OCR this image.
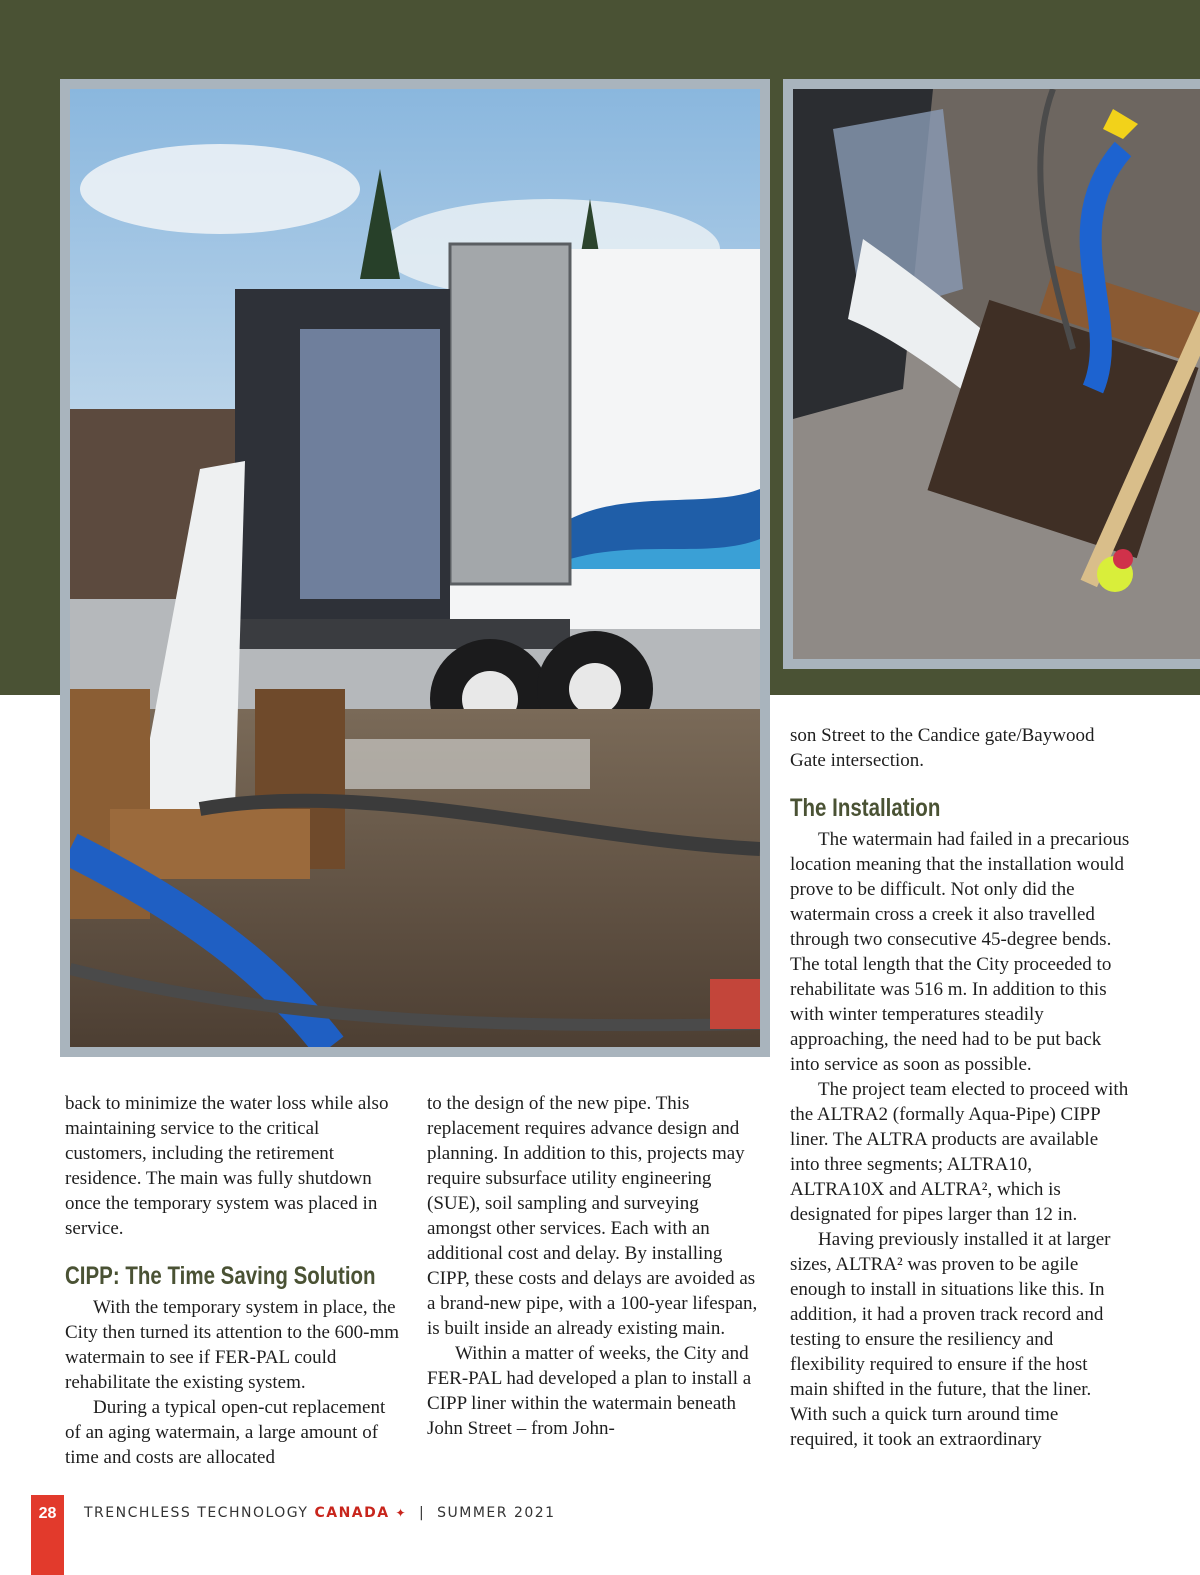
back to minimize the water loss while also maintaining service to the critical customers, including the retirement residence. The main was fully shutdown once the temporary system was placed in service.

CIPP: The Time Saving Solution

With the temporary system in place, the City then turned its attention to the 600-mm watermain to see if FER-PAL could rehabilitate the existing system.

During a typical open-cut replacement of an aging watermain, a large amount of time and costs are allocated

to the design of the new pipe. This replacement requires advance design and planning. In addition to this, projects may require subsurface utility engineering (SUE), soil sampling and surveying amongst other services. Each with an additional cost and delay. By installing CIPP, these costs and delays are avoided as a brand-new pipe, with a 100-year lifespan, is built inside an already existing main.

Within a matter of weeks, the City and FER-PAL had developed a plan to install a CIPP liner within the watermain beneath John Street – from John-

son Street to the Candice gate/Baywood Gate intersection.

The Installation

The watermain had failed in a precarious location meaning that the installation would prove to be difficult. Not only did the watermain cross a creek it also travelled through two consecutive 45-degree bends. The total length that the City proceeded to rehabilitate was 516 m. In addition to this with winter temperatures steadily approaching, the need had to be put back into service as soon as possible.

The project team elected to proceed with the ALTRA2 (formally Aqua-Pipe) CIPP liner. The ALTRA products are available into three segments; ALTRA10, ALTRA10X and ALTRA², which is designated for pipes larger than 12 in.

Having previously installed it at larger sizes, ALTRA² was proven to be agile enough to install in situations like this. In addition, it had a proven track record and testing to ensure the resiliency and flexibility required to ensure if the host main shifted in the future, that the liner. With such a quick turn around time required, it took an extraordinary

28	TRENCHLESS TECHNOLOGY CANADA ✦ | SUMMER 2021
